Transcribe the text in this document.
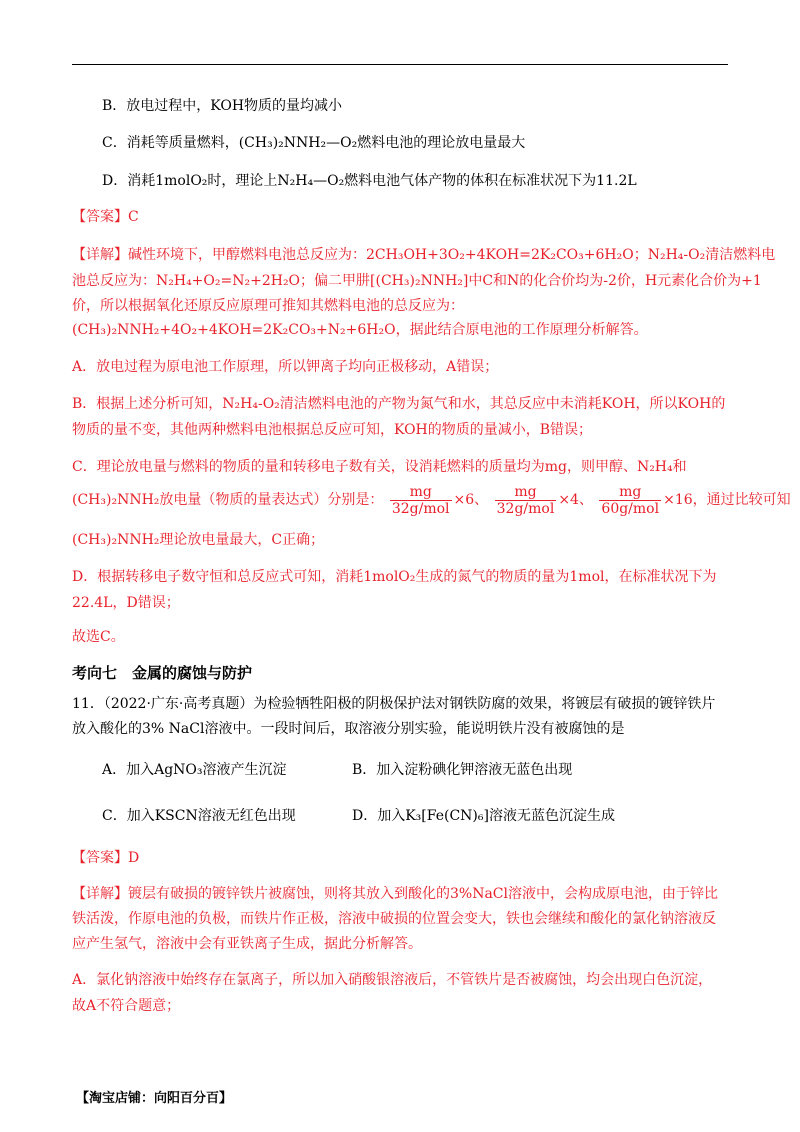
B．放电过程中，KOH物质的量均减小
C．消耗等质量燃料，(CH₃)₂NNH₂—O₂燃料电池的理论放电量最大
D．消耗1molO₂时，理论上N₂H₄—O₂燃料电池气体产物的体积在标准状况下为11.2L
【答案】C
【详解】碱性环境下，甲醇燃料电池总反应为：2CH₃OH+3O₂+4KOH=2K₂CO₃+6H₂O；N₂H₄-O₂清洁燃料电
池总反应为：N₂H₄+O₂=N₂+2H₂O；偏二甲肼[(CH₃)₂NNH₂]中C和N的化合价均为-2价，H元素化合价为+1
价，所以根据氧化还原反应原理可推知其燃料电池的总反应为：
(CH₃)₂NNH₂+4O₂+4KOH=2K₂CO₃+N₂+6H₂O，据此结合原电池的工作原理分析解答。
A．放电过程为原电池工作原理，所以钾离子均向正极移动，A错误；
B．根据上述分析可知，N₂H₄-O₂清洁燃料电池的产物为氮气和水，其总反应中未消耗KOH，所以KOH的
物质的量不变，其他两种燃料电池根据总反应可知，KOH的物质的量减小，B错误；
C．理论放电量与燃料的物质的量和转移电子数有关，设消耗燃料的质量均为mg，则甲醇、N₂H₄和
(CH₃)₂NNH₂放电量（物质的量表达式）分别是： $\frac{mg}{\text{32g/mol}} \times 6$、 $\frac{mg}{\text{32g/mol}} \times 4$、 $\frac{mg}{\text{60g/mol}} \times 16$，通过比较可知
(CH₃)₂NNH₂理论放电量最大，C正确；
D．根据转移电子数守恒和总反应式可知，消耗1molO₂生成的氮气的物质的量为1mol，在标准状况下为
22.4L，D错误；
故选C。
考向七　金属的腐蚀与防护
11．（2022·广东·高考真题）为检验牺牲阳极的阴极保护法对钢铁防腐的效果，将镀层有破损的镀锌铁片
放入酸化的3% NaCl溶液中。一段时间后，取溶液分别实验，能说明铁片没有被腐蚀的是
A．加入AgNO₃溶液产生沉淀	B．加入淀粉碘化钾溶液无蓝色出现
C．加入KSCN溶液无红色出现	D．加入K₃[Fe(CN)₆]溶液无蓝色沉淀生成
【答案】D
【详解】镀层有破损的镀锌铁片被腐蚀，则将其放入到酸化的3%NaCl溶液中，会构成原电池，由于锌比
铁活泼，作原电池的负极，而铁片作正极，溶液中破损的位置会变大，铁也会继续和酸化的氯化钠溶液反
应产生氢气，溶液中会有亚铁离子生成，据此分析解答。
A．氯化钠溶液中始终存在氯离子，所以加入硝酸银溶液后，不管铁片是否被腐蚀，均会出现白色沉淀，
故A不符合题意；
【淘宝店铺：向阳百分百】
